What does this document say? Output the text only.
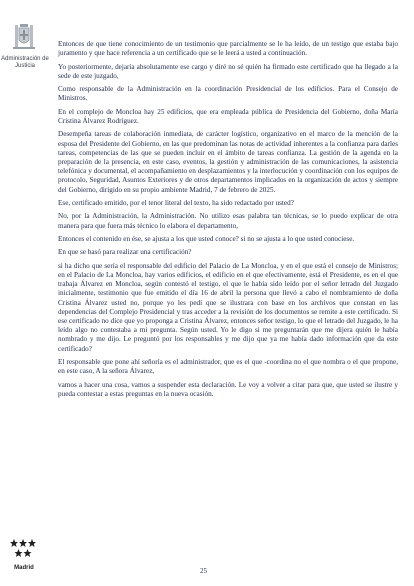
Administración de Justicia
Madrid

Entonces de que tiene conocimiento de un testimonio que parcialmente se le ha leído, de un testigo que estaba bajo juramento y que hace referencia a un certificado que se le leerá a usted a continuación.

Yo posteriormente, dejaría absolutamente ese cargo y diré no sé quién ha firmado este certificado que ha llegado a la sede de este juzgado,

Como responsable de la Administración en la coordinación Presidencial de los edificios. Para el Consejo de Ministros.

En el complejo de Moncloa hay 25 edificios, que era empleada pública de Presidencia del Gobierno, doña María Cristina Álvarez Rodríguez.

Desempeña tareas de colaboración inmediata, de carácter logístico, organizativo en el marco de la mención de la esposa del Presidente del Gobierno, en las que predominan las notas de actividad inherentes a la confianza para darles tareas, competencias de las que se pueden incluir en el ámbito de tareas confianza. La gestión de la agenda en la preparación de la presencia, en este caso, eventos, la gestión y administración de las comunicaciones, la asistencia telefónica y documental, el acompañamiento en desplazamientos y la interlocución y coordinación con los equipos de protocolo, Seguridad, Asuntos Exteriores y de otros departamentos implicados en la organización de actos y siempre del Gobierno, dirigido en su propio ambiente Madrid, 7 de febrero de 2025.

Ese, certificado emitido, por el tenor literal del texto, ha sido redactado por usted?

No, por la Administración, la Administración. No utilizo esas palabra tan técnicas, se lo puedo explicar de otra manera para que fuera más técnico lo elabora el departamento,

Entonces el contenido en ése, se ajusta a los que usted conoce? si no se ajusta a lo que usted conociese.

En que se basó para realizar una certificación?

si ha dicho que sería el responsable del edificio del Palacio de La Moncloa, y en el que está el consejo de Ministros; en el Palacio de La Moncloa, hay varios edificios, el edificio en el que efectivamente, está el Presidente, es en el que trabaja Álvarez en Moncloa, según contestó el testigo, el que le había sido leído por el señor letrado del Juzgado inicialmente, testimonio que fue emitido el día 16 de abril la persona que llevó a cabo el nombramiento de doña Cristina Álvarez usted no, porque yo les pedí que se ilustrara con base en los archivos que constan en las dependencias del Complejo Presidencial y tras acceder a la revisión de los documentos se remite a este certificado. Si ese certificado no dice que yo proponga a Cristina Álvarez, entonces señor testigo, lo que el letrado del Juzgado, le ha leído algo no contestaba a mi pregunta. Según usted. Yo le digo si me preguntarán que me dijera quién le había nombrado y me dijo. Le preguntó por los responsables y me dijo que ya me había dado información que da este certificado?

El responsable que pone ahí señoría es el administrador, que es el que -coordina no el que nombra o el que propone, en este caso, A la señora Álvarez,

vamos a hacer una cosa, vamos a suspender esta declaración. Le voy a volver a citar para que, que usted se ilustre y pueda contestar a estas preguntas en la nueva ocasión.

25
